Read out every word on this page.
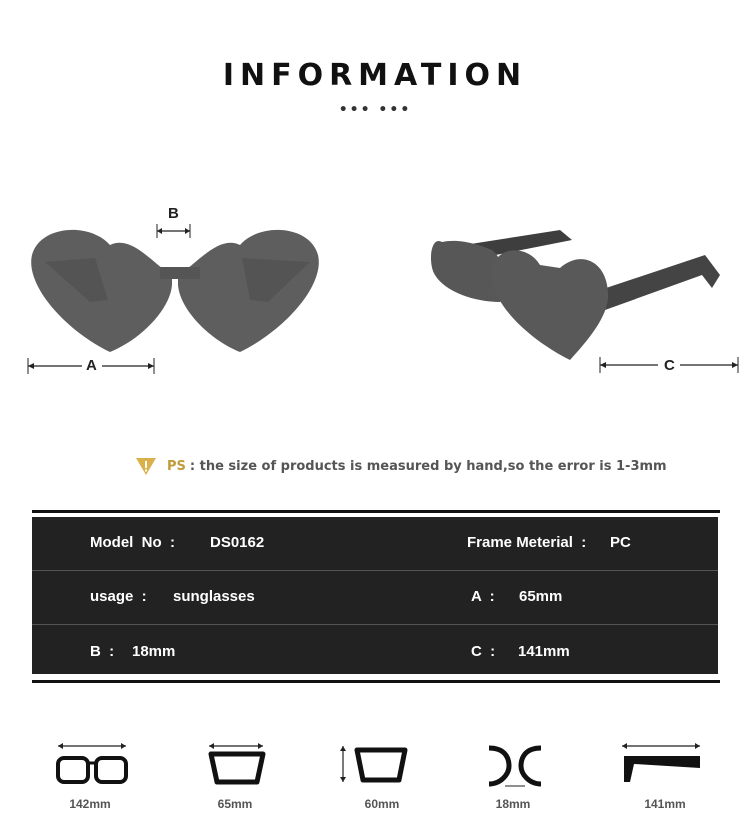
INFORMATION
••• •••
B
A	C
PS : the size of products is measured by hand,so the error is 1-3mm
Model  No  : DS0162	Frame Meterial  : PC
usage  : sunglasses	A  : 65mm
B  : 18mm	C  : 141mm
142mm	65mm	60mm	18mm	141mm
